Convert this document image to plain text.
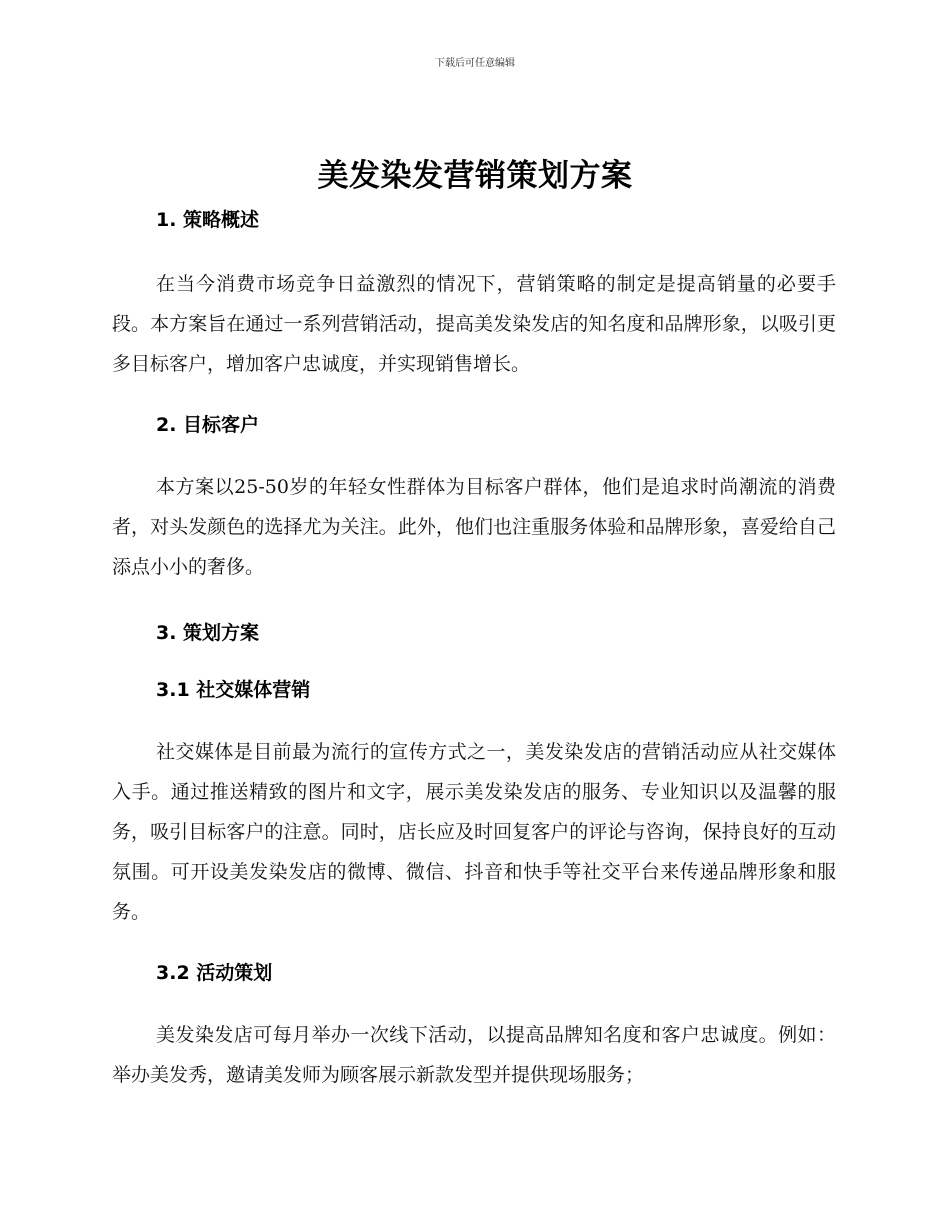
下载后可任意编辑
美发染发营销策划方案
1. 策略概述

在当今消费市场竞争日益激烈的情况下，营销策略的制定是提高销量的必要手段。本方案旨在通过一系列营销活动，提高美发染发店的知名度和品牌形象，以吸引更多目标客户，增加客户忠诚度，并实现销售增长。

2. 目标客户

本方案以25-50岁的年轻女性群体为目标客户群体，他们是追求时尚潮流的消费者，对头发颜色的选择尤为关注。此外，他们也注重服务体验和品牌形象，喜爱给自己添点小小的奢侈。

3. 策划方案
3.1 社交媒体营销

社交媒体是目前最为流行的宣传方式之一，美发染发店的营销活动应从社交媒体入手。通过推送精致的图片和文字，展示美发染发店的服务、专业知识以及温馨的服务，吸引目标客户的注意。同时，店长应及时回复客户的评论与咨询，保持良好的互动氛围。可开设美发染发店的微博、微信、抖音和快手等社交平台来传递品牌形象和服务。

3.2 活动策划

美发染发店可每月举办一次线下活动，以提高品牌知名度和客户忠诚度。例如：举办美发秀，邀请美发师为顾客展示新款发型并提供现场服务；
